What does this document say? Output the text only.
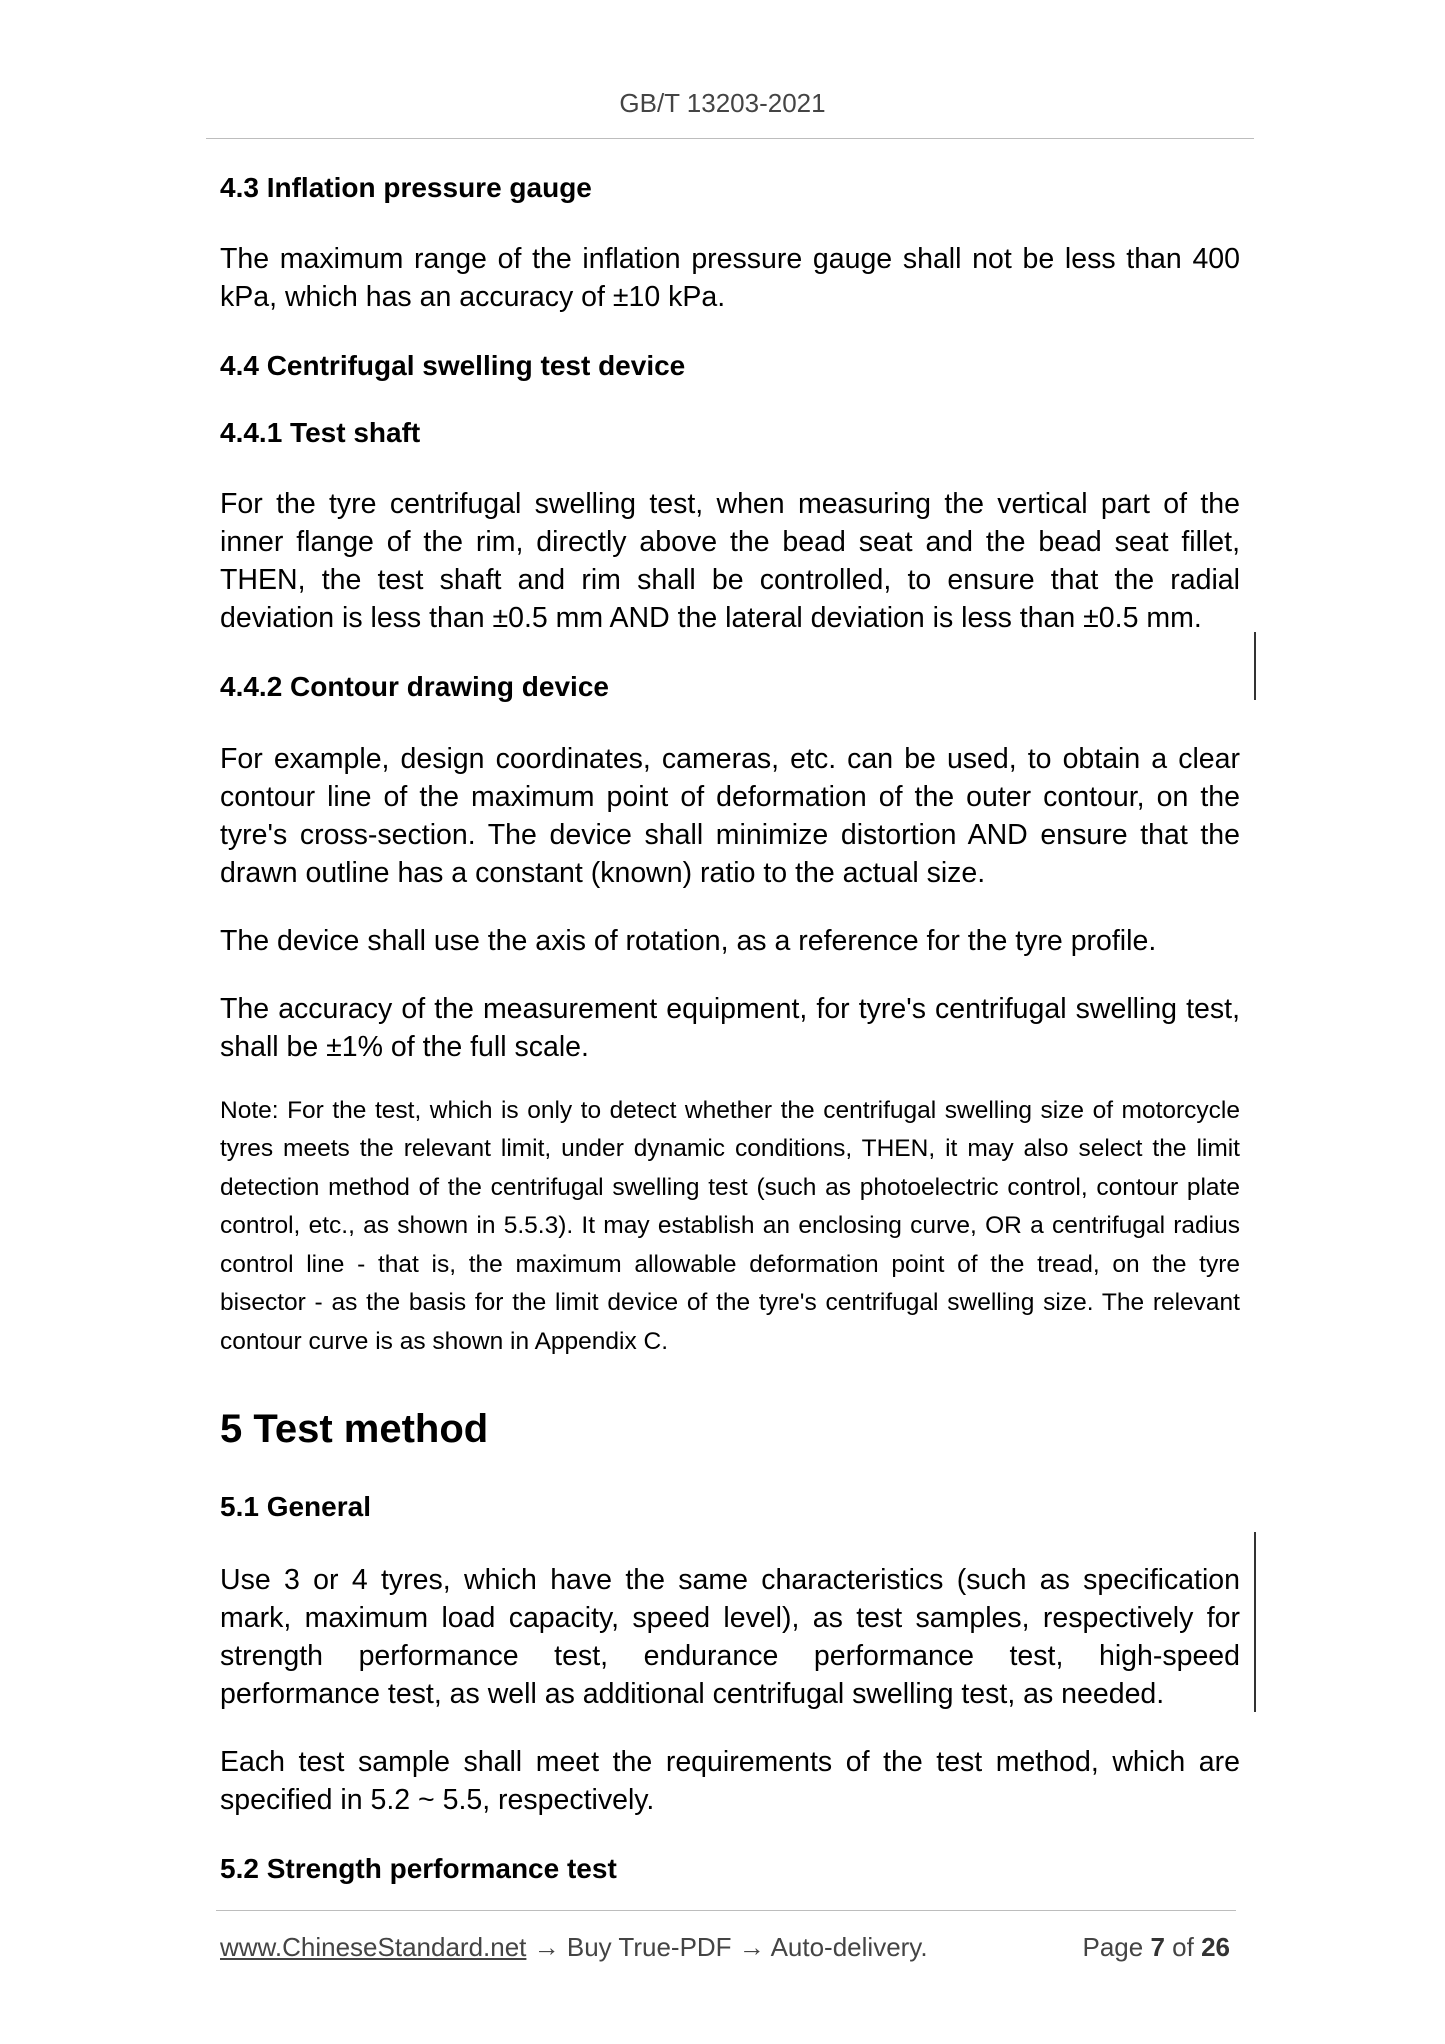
GB/T 13203-2021
4.3 Inflation pressure gauge

The maximum range of the inflation pressure gauge shall not be less than 400 kPa, which has an accuracy of ±10 kPa.

4.4 Centrifugal swelling test device
4.4.1 Test shaft

For the tyre centrifugal swelling test, when measuring the vertical part of the inner flange of the rim, directly above the bead seat and the bead seat fillet, THEN, the test shaft and rim shall be controlled, to ensure that the radial deviation is less than ±0.5 mm AND the lateral deviation is less than ±0.5 mm.

4.4.2 Contour drawing device

For example, design coordinates, cameras, etc. can be used, to obtain a clear contour line of the maximum point of deformation of the outer contour, on the tyre's cross-section. The device shall minimize distortion AND ensure that the drawn outline has a constant (known) ratio to the actual size.

The device shall use the axis of rotation, as a reference for the tyre profile.

The accuracy of the measurement equipment, for tyre's centrifugal swelling test, shall be ±1% of the full scale.

Note: For the test, which is only to detect whether the centrifugal swelling size of motorcycle tyres meets the relevant limit, under dynamic conditions, THEN, it may also select the limit detection method of the centrifugal swelling test (such as photoelectric control, contour plate control, etc., as shown in 5.5.3). It may establish an enclosing curve, OR a centrifugal radius control line - that is, the maximum allowable deformation point of the tread, on the tyre bisector - as the basis for the limit device of the tyre's centrifugal swelling size. The relevant contour curve is as shown in Appendix C.

5 Test method
5.1 General

Use 3 or 4 tyres, which have the same characteristics (such as specification mark, maximum load capacity, speed level), as test samples, respectively for strength performance test, endurance performance test, high-speed performance test, as well as additional centrifugal swelling test, as needed.

Each test sample shall meet the requirements of the test method, which are specified in 5.2 ~ 5.5, respectively.

5.2 Strength performance test
www.ChineseStandard.net → Buy True-PDF → Auto-delivery.	Page 7 of 26
